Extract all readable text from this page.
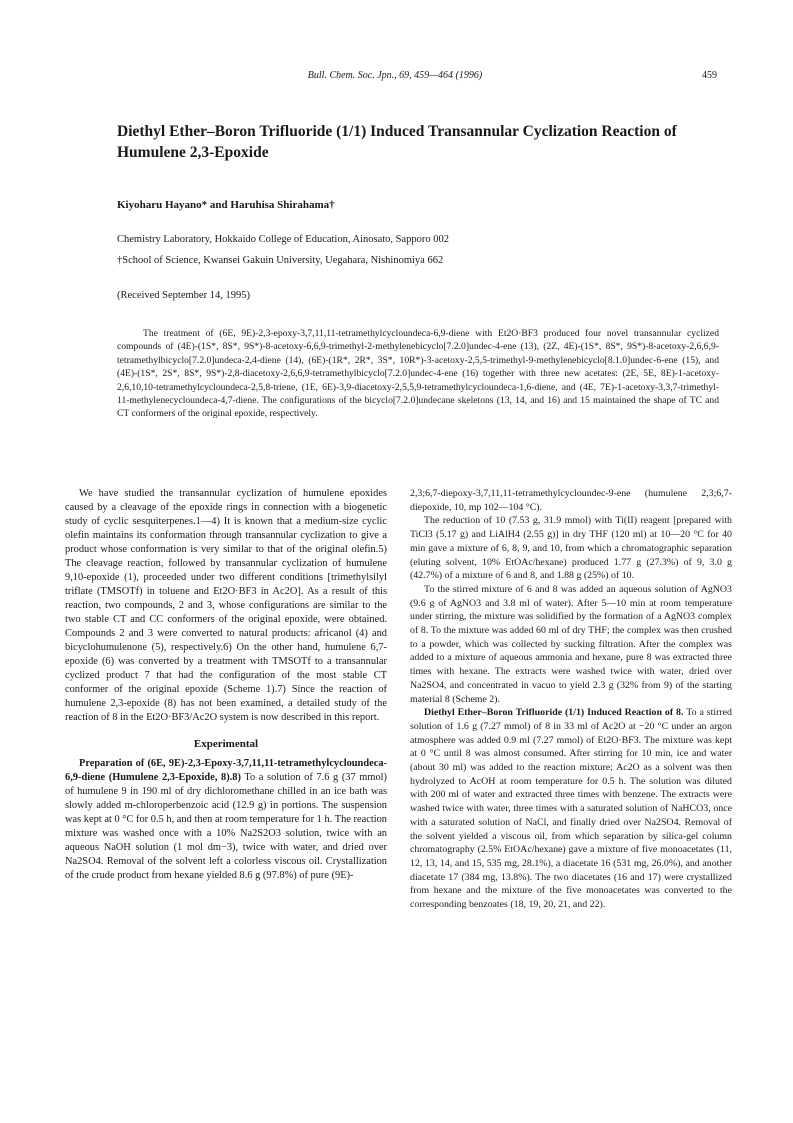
Bull. Chem. Soc. Jpn., 69, 459—464 (1996)	459
Diethyl Ether–Boron Trifluoride (1/1) Induced Transannular Cyclization Reaction of Humulene 2,3-Epoxide
Kiyoharu Hayano* and Haruhisa Shirahama†
Chemistry Laboratory, Hokkaido College of Education, Ainosato, Sapporo 002
†School of Science, Kwansei Gakuin University, Uegahara, Nishinomiya 662
(Received September 14, 1995)

The treatment of (6E, 9E)-2,3-epoxy-3,7,11,11-tetramethylcycloundeca-6,9-diene with Et2O·BF3 produced four novel transannular cyclized compounds of (4E)-(1S*, 8S*, 9S*)-8-acetoxy-6,6,9-trimethyl-2-methylenebicyclo[7.2.0]undec-4-ene (13), (2Z, 4E)-(1S*, 8S*, 9S*)-8-acetoxy-2,6,6,9-tetramethylbicyclo[7.2.0]undeca-2,4-diene (14), (6E)-(1R*, 2R*, 3S*, 10R*)-3-acetoxy-2,5,5-trimethyl-9-methylenebicyclo[8.1.0]undec-6-ene (15), and (4E)-(1S*, 2S*, 8S*, 9S*)-2,8-diacetoxy-2,6,6,9-tetramethylbicyclo[7.2.0]undec-4-ene (16) together with three new acetates: (2E, 5E, 8E)-1-acetoxy-2,6,10,10-tetramethylcycloundeca-2,5,8-triene, (1E, 6E)-3,9-diacetoxy-2,5,5,9-tetramethylcycloundeca-1,6-diene, and (4E, 7E)-1-acetoxy-3,3,7-trimethyl-11-methylenecycloundeca-4,7-diene. The configurations of the bicyclo[7.2.0]undecane skeletons (13, 14, and 16) and 15 maintained the shape of TC and CT conformers of the original epoxide, respectively.

We have studied the transannular cyclization of humulene epoxides caused by a cleavage of the epoxide rings in connection with a biogenetic study of cyclic sesquiterpenes.1—4) It is known that a medium-size cyclic olefin maintains its conformation through transannular cyclization to give a product whose conformation is very similar to that of the original olefin.5) The cleavage reaction, followed by transannular cyclization of humulene 9,10-epoxide (1), proceeded under two different conditions [trimethylsilyl triflate (TMSOTf) in toluene and Et2O·BF3 in Ac2O]. As a result of this reaction, two compounds, 2 and 3, whose configurations are similar to the two stable CT and CC conformers of the original epoxide, were obtained. Compounds 2 and 3 were converted to natural products: africanol (4) and bicyclohumulenone (5), respectively.6) On the other hand, humulene 6,7-epoxide (6) was converted by a treatment with TMSOTf to a transannular cyclized product 7 that had the configuration of the most stable CT conformer of the original epoxide (Scheme 1).7) Since the reaction of humulene 2,3-epoxide (8) has not been examined, a detailed study of the reaction of 8 in the Et2O·BF3/Ac2O system is now described in this report.

Experimental

Preparation of (6E, 9E)-2,3-Epoxy-3,7,11,11-tetramethylcycloundeca-6,9-diene (Humulene 2,3-Epoxide, 8).8) To a solution of 7.6 g (37 mmol) of humulene 9 in 190 ml of dry dichloromethane chilled in an ice bath was slowly added m-chloroperbenzoic acid (12.9 g) in portions. The suspension was kept at 0 °C for 0.5 h, and then at room temperature for 1 h. The reaction mixture was washed once with a 10% Na2S2O3 solution, twice with an aqueous NaOH solution (1 mol dm−3), twice with water, and dried over Na2SO4. Removal of the solvent left a colorless viscous oil. Crystallization of the crude product from hexane yielded 8.6 g (97.8%) of pure (9E)-

2,3;6,7-diepoxy-3,7,11,11-tetramethylcycloundec-9-ene (humulene 2,3;6,7-diepoxide, 10, mp 102—104 °C).

The reduction of 10 (7.53 g, 31.9 mmol) with Ti(II) reagent [prepared with TiCl3 (5.17 g) and LiAlH4 (2.55 g)] in dry THF (120 ml) at 10—20 °C for 40 min gave a mixture of 6, 8, 9, and 10, from which a chromatographic separation (eluting solvent, 10% EtOAc/hexane) produced 1.77 g (27.3%) of 9, 3.0 g (42.7%) of a mixture of 6 and 8, and 1.88 g (25%) of 10.

To the stirred mixture of 6 and 8 was added an aqueous solution of AgNO3 (9.6 g of AgNO3 and 3.8 ml of water). After 5—10 min at room temperature under stirring, the mixture was solidified by the formation of a AgNO3 complex of 8. To the mixture was added 60 ml of dry THF; the complex was then crushed to a powder, which was collected by sucking filtration. After the complex was added to a mixture of aqueous ammonia and hexane, pure 8 was extracted three times with hexane. The extracts were washed twice with water, dried over Na2SO4, and concentrated in vacuo to yield 2.3 g (32% from 9) of the starting material 8 (Scheme 2).

Diethyl Ether–Boron Trifluoride (1/1) Induced Reaction of 8. To a stirred solution of 1.6 g (7.27 mmol) of 8 in 33 ml of Ac2O at −20 °C under an argon atmosphere was added 0.9 ml (7.27 mmol) of Et2O·BF3. The mixture was kept at 0 °C until 8 was almost consumed. After stirring for 10 min, ice and water (about 30 ml) was added to the reaction mixture; Ac2O as a solvent was then hydrolyzed to AcOH at room temperature for 0.5 h. The solution was diluted with 200 ml of water and extracted three times with benzene. The extracts were washed twice with water, three times with a saturated solution of NaHCO3, once with a saturated solution of NaCl, and finally dried over Na2SO4. Removal of the solvent yielded a viscous oil, from which separation by silica-gel column chromatography (2.5% EtOAc/hexane) gave a mixture of five monoacetates (11, 12, 13, 14, and 15, 535 mg, 28.1%), a diacetate 16 (531 mg, 26.0%), and another diacetate 17 (384 mg, 13.8%). The two diacetates (16 and 17) were crystallized from hexane and the mixture of the five monoacetates was converted to the corresponding benzoates (18, 19, 20, 21, and 22).
